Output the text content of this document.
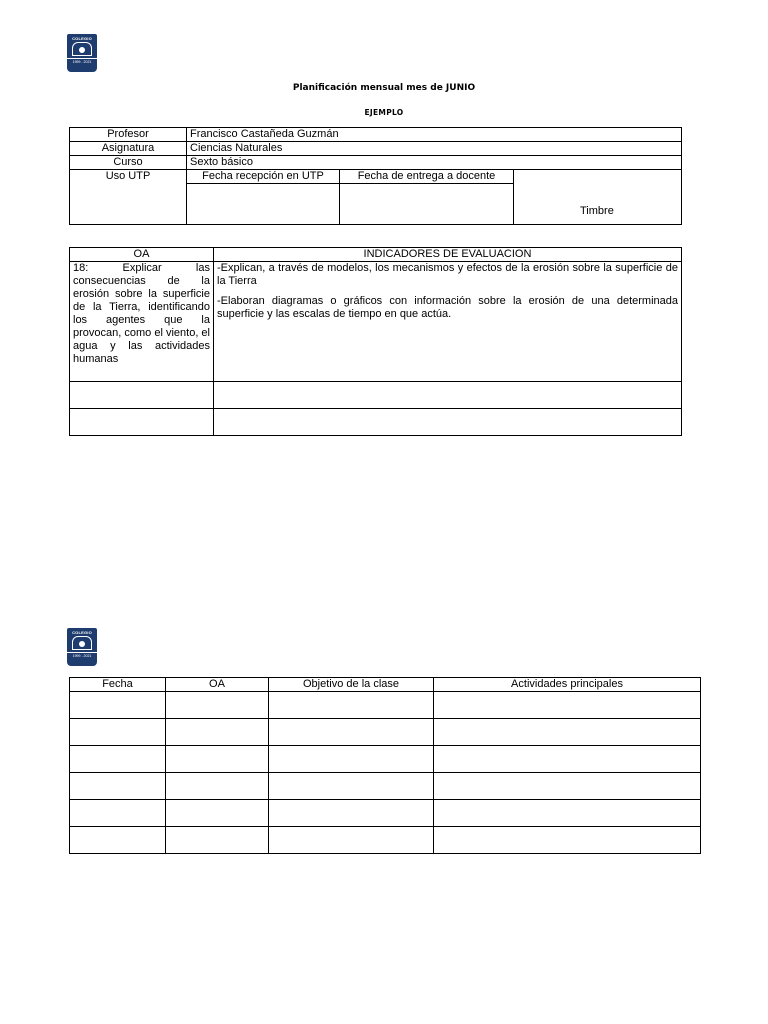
COLEGIO
1999 - 2021
Planificación mensual mes de JUNIO
EJEMPLO
Profesor	Francisco Castañeda Guzmán		
Asignatura	Ciencias Naturales		
Curso	Sexto básico		
Uso UTP	Fecha recepción en UTP	Fecha de entrega a docente	Timbre

OA	INDICADORES DE EVALUACION
18: Explicar las consecuencias de la erosión sobre la superficie de la Tierra, identificando los agentes que la provocan, como el viento, el agua y las actividades humanas	-Explican, a través de modelos, los mecanismos y efectos de la erosión sobre la superficie de la Tierra
-Elaboran diagramas o gráficos con información sobre la erosión de una determinada superficie y las escalas de tiempo en que actúa.

COLEGIO
1999 - 2021
Fecha	OA	Objetivo de la clase	Actividades principales
